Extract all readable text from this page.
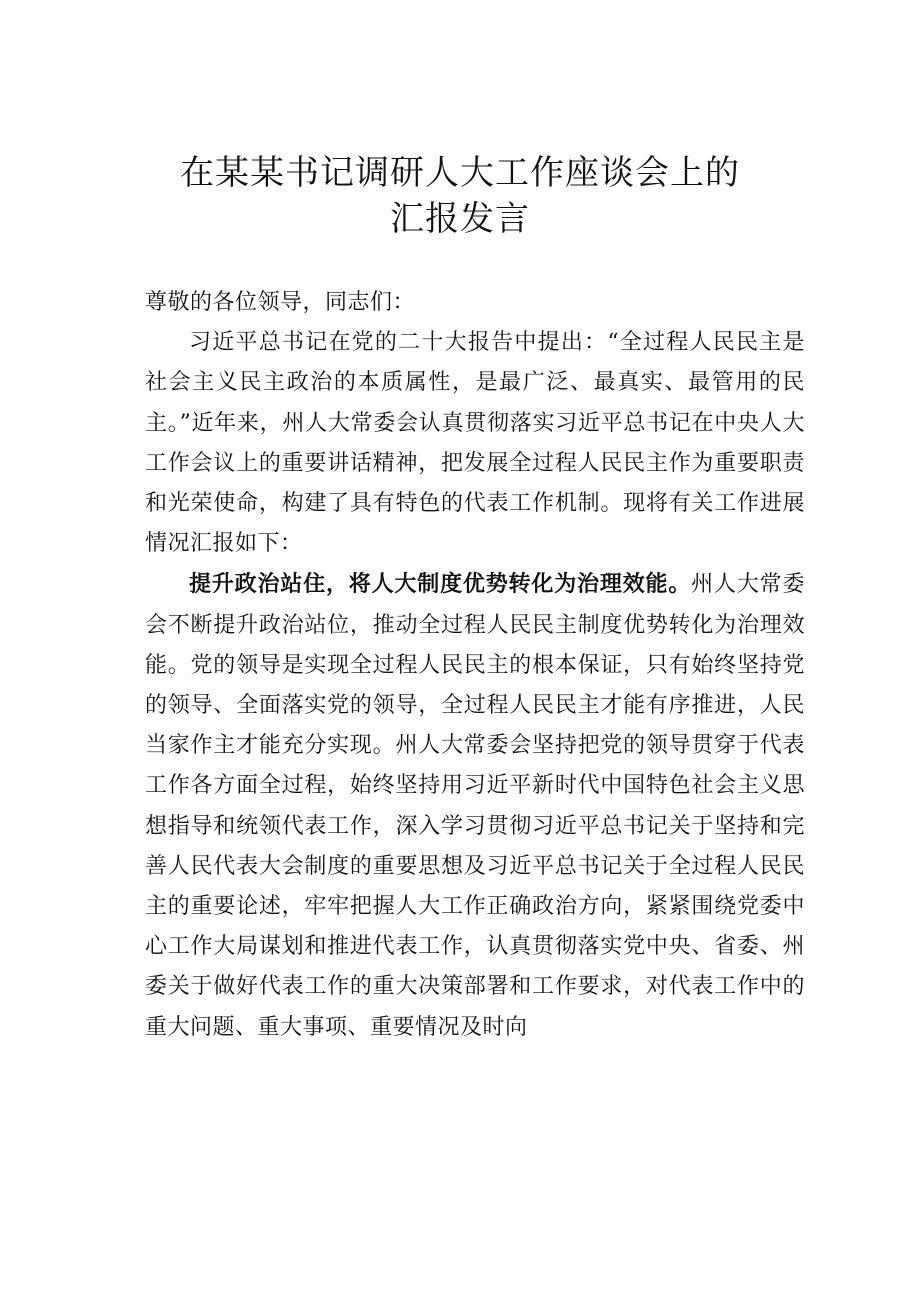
在某某书记调研人大工作座谈会上的
汇报发言

尊敬的各位领导，同志们：

习近平总书记在党的二十大报告中提出：“全过程人民民主是社会主义民主政治的本质属性，是最广泛、最真实、最管用的民主。”近年来，州人大常委会认真贯彻落实习近平总书记在中央人大工作会议上的重要讲话精神，把发展全过程人民民主作为重要职责和光荣使命，构建了具有特色的代表工作机制。现将有关工作进展情况汇报如下：

提升政治站住，将人大制度优势转化为治理效能。州人大常委会不断提升政治站位，推动全过程人民民主制度优势转化为治理效能。党的领导是实现全过程人民民主的根本保证，只有始终坚持党的领导、全面落实党的领导，全过程人民民主才能有序推进，人民当家作主才能充分实现。州人大常委会坚持把党的领导贯穿于代表工作各方面全过程，始终坚持用习近平新时代中国特色社会主义思想指导和统领代表工作，深入学习贯彻习近平总书记关于坚持和完善人民代表大会制度的重要思想及习近平总书记关于全过程人民民主的重要论述，牢牢把握人大工作正确政治方向，紧紧围绕党委中心工作大局谋划和推进代表工作，认真贯彻落实党中央、省委、州委关于做好代表工作的重大决策部署和工作要求，对代表工作中的重大问题、重大事项、重要情况及时向
